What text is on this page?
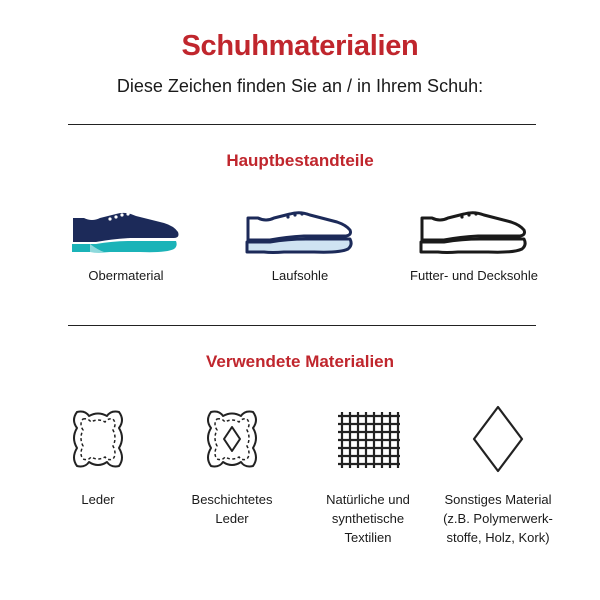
Schuhmaterialien
Diese Zeichen finden Sie an / in Ihrem Schuh:
Hauptbestandteile
Obermaterial	Laufsohle	Futter- und Decksohle
Verwendete Materialien
Leder	Beschichtetes
Leder
Natürliche und
synthetische
Textilien
Sonstiges Material
(z.B. Polymerwerk-
stoffe, Holz, Kork)
